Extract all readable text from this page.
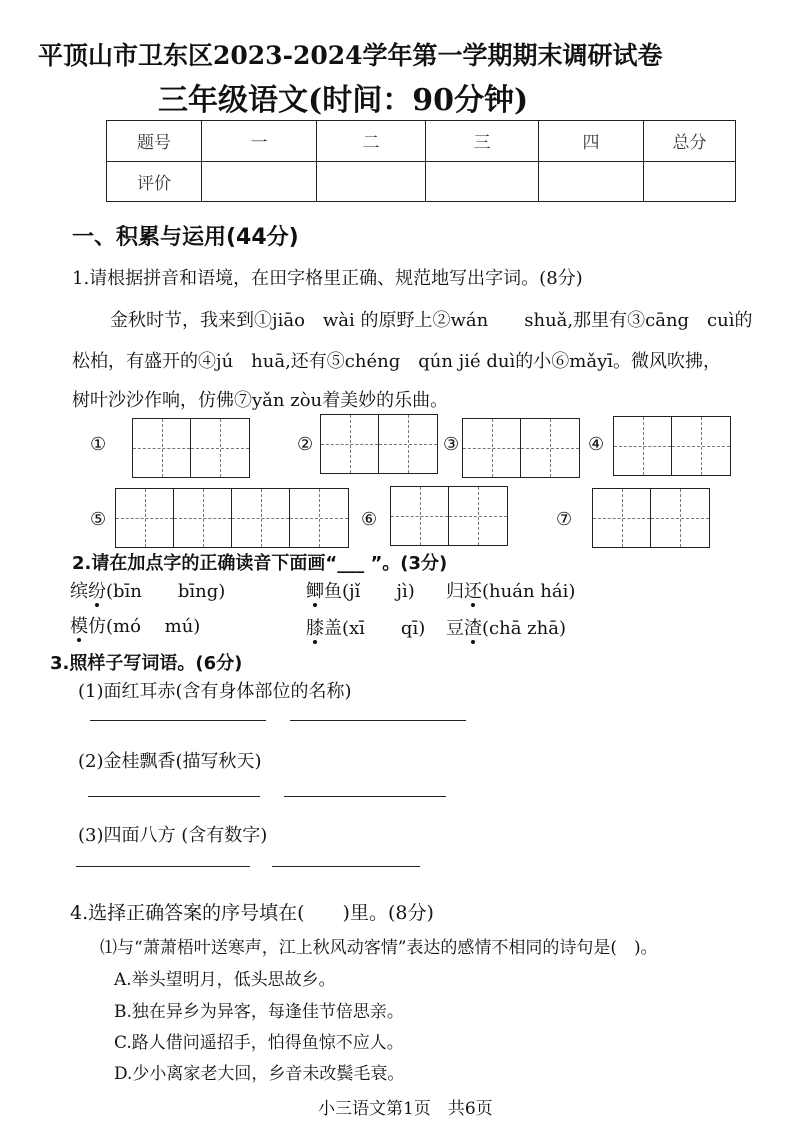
平顶山市卫东区2023-2024学年第一学期期末调研试卷
三年级语文(时间：90分钟)
题号	一	二	三	四	总分
评价					
一、积累与运用(44分)
1.请根据拼音和语境，在田字格里正确、规范地写出字词。(8分)
金秋时节，我来到①jiāo　wài 的原野上②wán　　shuǎ,那里有③cāng　cuì的
松柏，有盛开的④jú　huā,还有⑤chéng　qún jié duì的小⑥mǎyī。微风吹拂，
树叶沙沙作响，仿佛⑦yǎn zòu着美妙的乐曲。
①	②	③	④
⑤	⑥	⑦
2.请在加点字的正确读音下面画“___ ”。(3分)
缤纷(bīn　　bīng)	鲫鱼(jǐ　　jì) 归还(huán hái)
模仿(mó　 mú)	膝盖(xī　　qī) 豆渣(chā zhā)
3.照样子写词语。(6分)
(1)面红耳赤(含有身体部位的名称)
(2)金桂飘香(描写秋天)
(3)四面八方 (含有数字)
4.选择正确答案的序号填在(　　)里。(8分)
⑴与“萧萧梧叶送寒声，江上秋风动客情”表达的感情不相同的诗句是(　)。
A.举头望明月，低头思故乡。
B.独在异乡为异客，每逢佳节倍思亲。
C.路人借问遥招手，怕得鱼惊不应人。
D.少小离家老大回，乡音未改鬓毛衰。
小三语文第1页　共6页
